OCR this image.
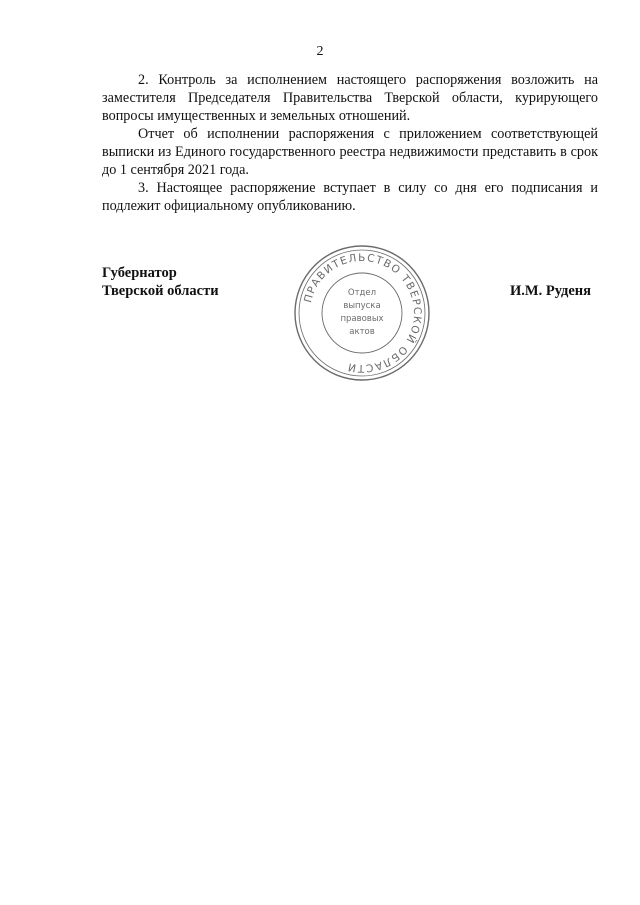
2

2. Контроль за исполнением настоящего распоряжения возложить на заместителя Председателя Правительства Тверской области, курирующего вопросы имущественных и земельных отношений.

Отчет об исполнении распоряжения с приложением соответствующей выписки из Единого государственного реестра недвижимости представить в срок до 1 сентября 2021 года.

3. Настоящее распоряжение вступает в силу со дня его подписания и подлежит официальному опубликованию.

Губернатор
Тверской области	ПРАВИТЕЛЬСТВО ТВЕРСКОЙ ОБЛАСТИ
Отдел
выпуска
правовых
актов
И.М. Руденя
